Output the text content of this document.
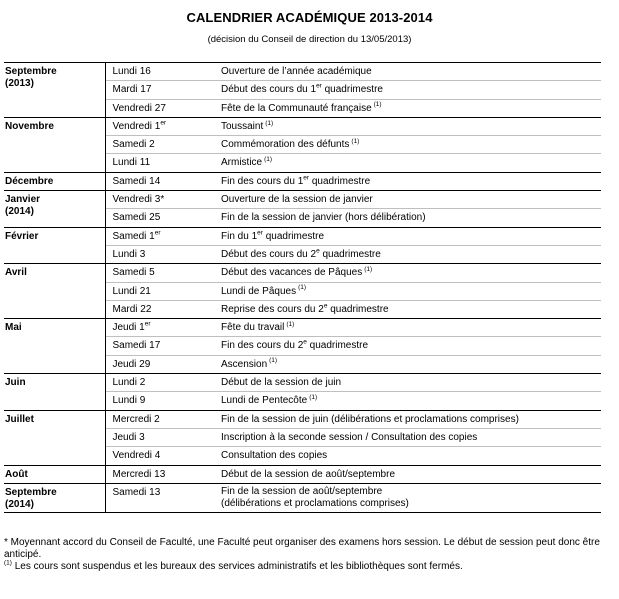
CALENDRIER ACADÉMIQUE 2013-2014
(décision du Conseil de direction du 13/05/2013)
Septembre
(2013)	Lundi 16	Ouverture de l’année académique
	Mardi 17	Début des cours du 1er quadrimestre
	Vendredi 27	Fête de la Communauté française $^{(1)}$
Novembre	Vendredi 1er	Toussaint $^{(1)}$
	Samedi 2	Commémoration des défunts $^{(1)}$
	Lundi 11	Armistice $^{(1)}$
Décembre	Samedi 14	Fin des cours du 1er quadrimestre
Janvier
(2014)	Vendredi 3*	Ouverture de la session de janvier
	Samedi 25	Fin de la session de janvier (hors délibération)
Février	Samedi 1er	Fin du 1er quadrimestre
	Lundi 3	Début des cours du 2e quadrimestre
Avril	Samedi 5	Début des vacances de Pâques $^{(1)}$
	Lundi 21	Lundi de Pâques $^{(1)}$
	Mardi 22	Reprise des cours du 2e quadrimestre
Mai	Jeudi 1er	Fête du travail $^{(1)}$
	Samedi 17	Fin des cours du 2e quadrimestre
	Jeudi 29	Ascension $^{(1)}$
Juin	Lundi 2	Début de la session de juin
	Lundi 9	Lundi de Pentecôte $^{(1)}$
Juillet	Mercredi 2	Fin de la session de juin (délibérations et proclamations comprises)
	Jeudi 3	Inscription à la seconde session / Consultation des copies
	Vendredi 4	Consultation des copies
Août	Mercredi 13	Début de la session de août/septembre
Septembre
(2014)	Samedi 13	Fin de la session de août/septembre
(délibérations et proclamations comprises)

* Moyennant accord du Conseil de Faculté, une Faculté peut organiser des examens hors session. Le début de session peut donc être anticipé.

$^{(1)}$ Les cours sont suspendus et les bureaux des services administratifs et les bibliothèques sont fermés.
